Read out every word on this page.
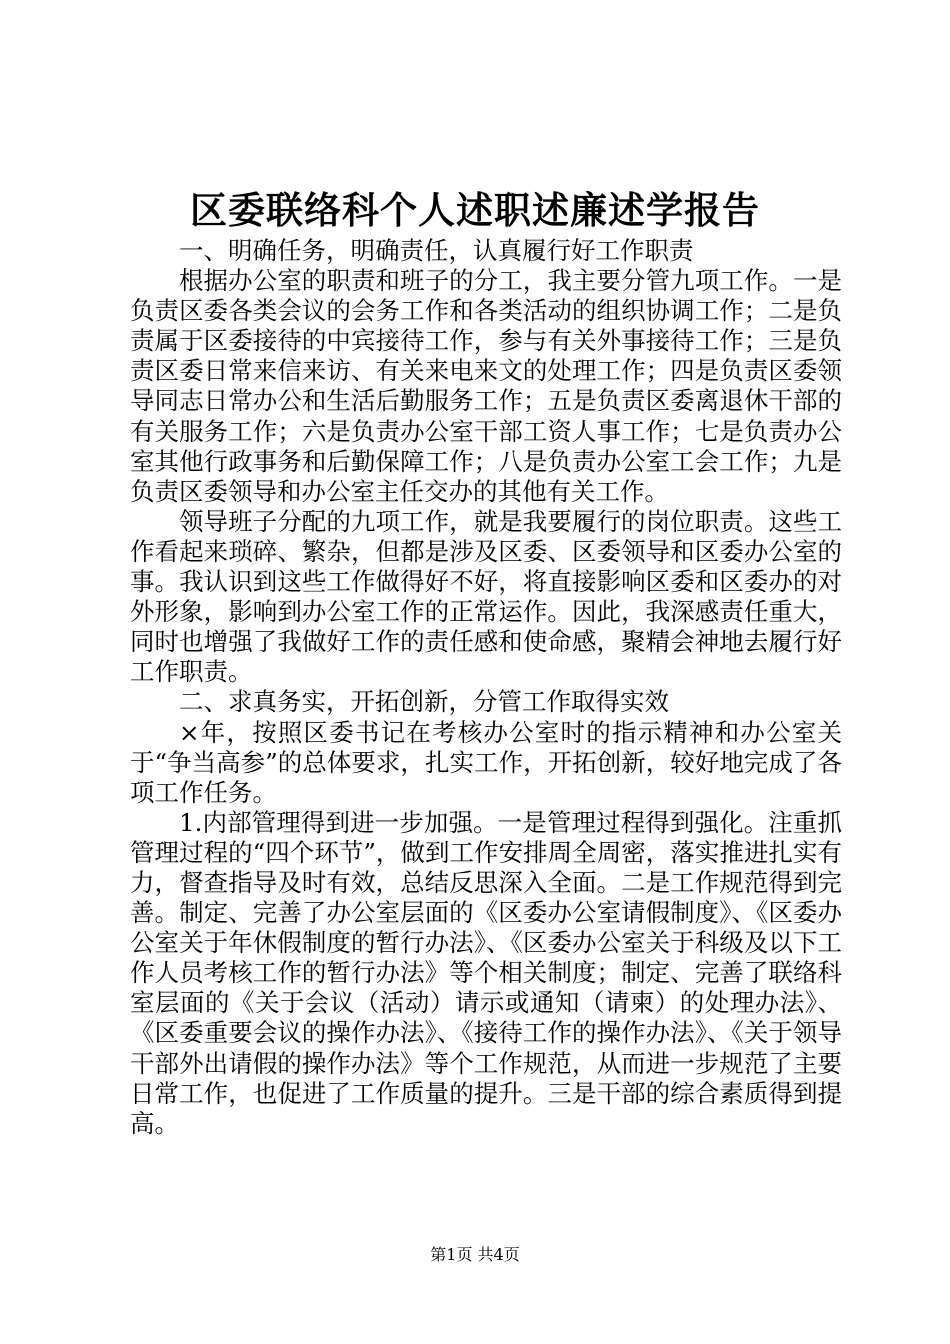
区委联络科个人述职述廉述学报告

一、明确任务，明确责任，认真履行好工作职责

根据办公室的职责和班子的分工，我主要分管九项工作。一是负责区委各类会议的会务工作和各类活动的组织协调工作；二是负责属于区委接待的中宾接待工作，参与有关外事接待工作；三是负责区委日常来信来访、有关来电来文的处理工作；四是负责区委领导同志日常办公和生活后勤服务工作；五是负责区委离退休干部的有关服务工作；六是负责办公室干部工资人事工作；七是负责办公室其他行政事务和后勤保障工作；八是负责办公室工会工作；九是负责区委领导和办公室主任交办的其他有关工作。

领导班子分配的九项工作，就是我要履行的岗位职责。这些工作看起来琐碎、繁杂，但都是涉及区委、区委领导和区委办公室的事。我认识到这些工作做得好不好，将直接影响区委和区委办的对外形象，影响到办公室工作的正常运作。因此，我深感责任重大，同时也增强了我做好工作的责任感和使命感，聚精会神地去履行好工作职责。

二、求真务实，开拓创新，分管工作取得实效

×年，按照区委书记在考核办公室时的指示精神和办公室关于“争当高参”的总体要求，扎实工作，开拓创新，较好地完成了各项工作任务。

1.内部管理得到进一步加强。一是管理过程得到强化。注重抓管理过程的“四个环节”，做到工作安排周全周密，落实推进扎实有力，督查指导及时有效，总结反思深入全面。二是工作规范得到完善。制定、完善了办公室层面的《区委办公室请假制度》、《区委办公室关于年休假制度的暂行办法》、《区委办公室关于科级及以下工作人员考核工作的暂行办法》等个相关制度；制定、完善了联络科室层面的《关于会议（活动）请示或通知（请柬）的处理办法》、《区委重要会议的操作办法》、《接待工作的操作办法》、《关于领导干部外出请假的操作办法》等个工作规范，从而进一步规范了主要日常工作，也促进了工作质量的提升。三是干部的综合素质得到提高。

第1页 共4页
